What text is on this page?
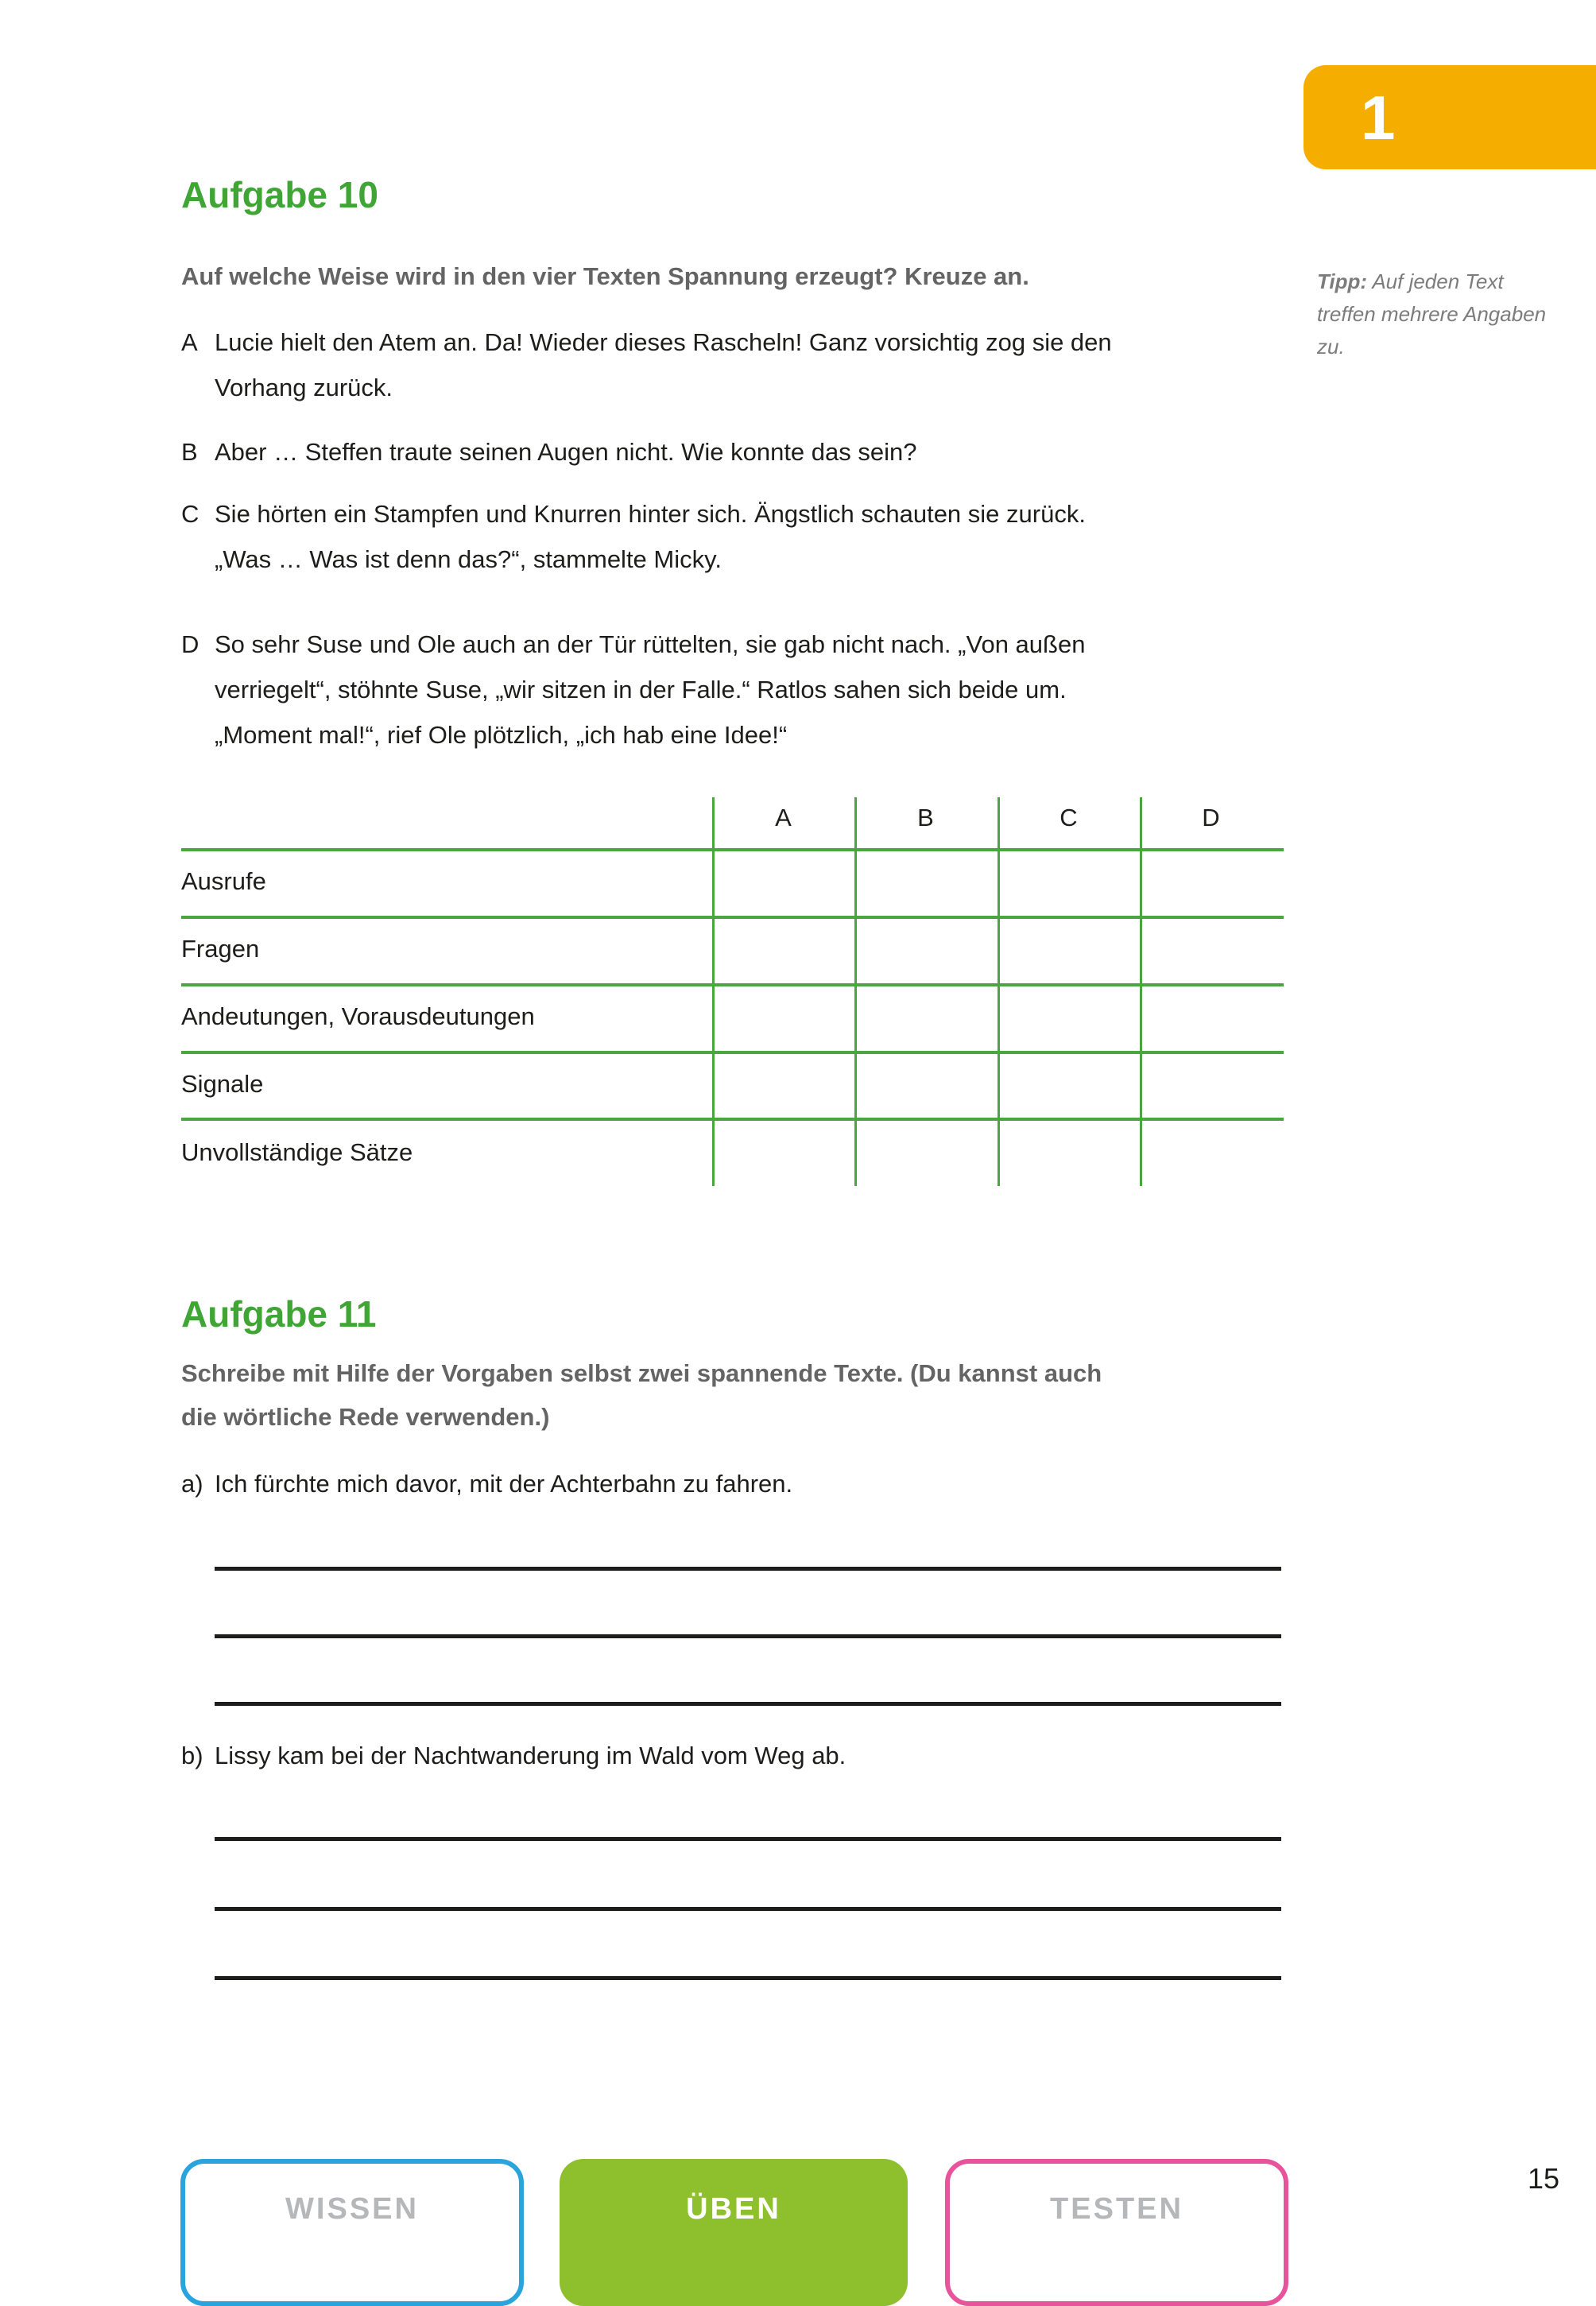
1
Aufgabe 10

Auf welche Weise wird in den vier Texten Spannung erzeugt? Kreuze an.	Tipp: Auf jeden Text treffen mehrere Angaben zu.
A Lucie hielt den Atem an. Da! Wieder dieses Rascheln! Ganz vorsichtig zog sie den Vorhang zurück.
B Aber … Steffen traute seinen Augen nicht. Wie konnte das sein?
C Sie hörten ein Stampfen und Knurren hinter sich. Ängstlich schauten sie zurück. „Was … Was ist denn das?“, stammelte Micky.
D So sehr Suse und Ole auch an der Tür rüttelten, sie gab nicht nach. „Von außen verriegelt“, stöhnte Suse, „wir sitzen in der Falle.“ Ratlos sahen sich beide um. „Moment mal!“, rief Ole plötzlich, „ich hab eine Idee!“
A	B	C	D
Ausrufe
Fragen
Andeutungen, Vorausdeutungen
Signale
Unvollständige Sätze
Aufgabe 11

Schreibe mit Hilfe der Vorgaben selbst zwei spannende Texte. (Du kannst auch die wörtliche Rede verwenden.)

a) Ich fürchte mich davor, mit der Achterbahn zu fahren.
b) Lissy kam bei der Nachtwanderung im Wald vom Weg ab.
WISSEN	ÜBEN	TESTEN
15
